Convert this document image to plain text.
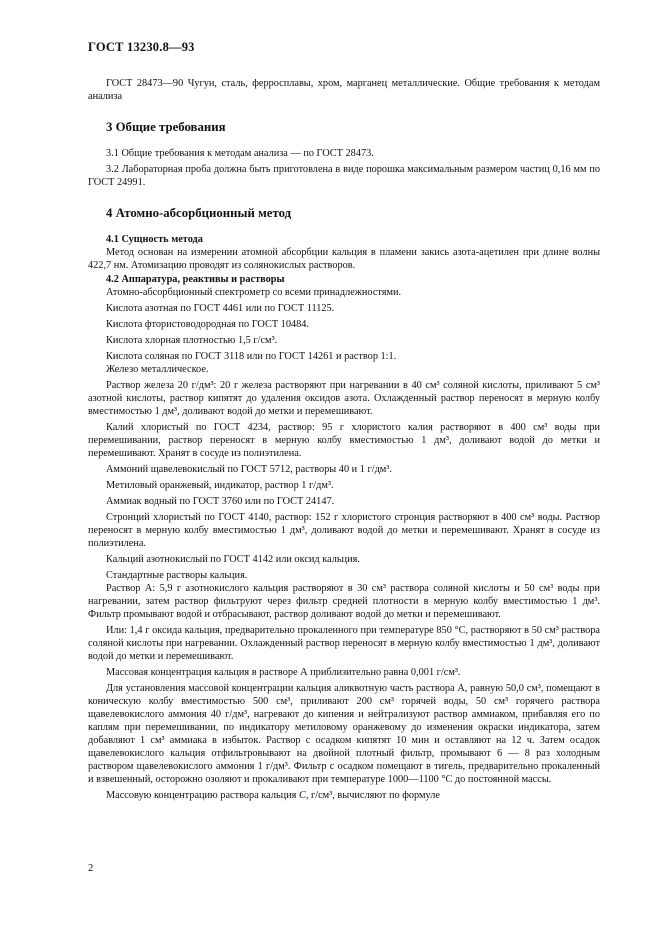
ГОСТ 13230.8—93

ГОСТ 28473—90 Чугун, сталь, ферросплавы, хром, марганец металлические. Общие требования к методам анализа

3 Общие требования

3.1 Общие требования к методам анализа — по ГОСТ 28473.

3.2 Лабораторная проба должна быть приготовлена в виде порошка максимальным размером частиц 0,16 мм по ГОСТ 24991.

4 Атомно-абсорбционный метод
4.1 Сущность метода

Метод основан на измерении атомной абсорбции кальция в пламени закись азота-ацетилен при длине волны 422,7 нм. Атомизацию проводят из солянокислых растворов.

4.2 Аппаратура, реактивы и растворы

Атомно-абсорбционный спектрометр со всеми принадлежностями.

Кислота азотная по ГОСТ 4461 или по ГОСТ 11125.

Кислота фтористоводородная по ГОСТ 10484.

Кислота хлорная плотностью 1,5 г/см³.

Кислота соляная по ГОСТ 3118 или по ГОСТ 14261 и раствор 1:1.

Железо металлическое.

Раствор железа 20 г/дм³: 20 г железа растворяют при нагревании в 40 см³ соляной кислоты, приливают 5 см³ азотной кислоты, раствор кипятят до удаления оксидов азота. Охлажденный раствор переносят в мерную колбу вместимостью 1 дм³, доливают водой до метки и перемешивают.

Калий хлористый по ГОСТ 4234, раствор: 95 г хлористого калия растворяют в 400 см³ воды при перемешивании, раствор переносят в мерную колбу вместимостью 1 дм³, доливают водой до метки и перемешивают. Хранят в сосуде из полиэтилена.

Аммоний щавелевокислый по ГОСТ 5712, растворы 40 и 1 г/дм³.

Метиловый оранжевый, индикатор, раствор 1 г/дм³.

Аммиак водный по ГОСТ 3760 или по ГОСТ 24147.

Стронций хлористый по ГОСТ 4140, раствор: 152 г хлористого стронция растворяют в 400 см³ воды. Раствор переносят в мерную колбу вместимостью 1 дм³, доливают водой до метки и перемешивают. Хранят в сосуде из полиэтилена.

Кальций азотнокислый по ГОСТ 4142 или оксид кальция.

Стандартные растворы кальция.

Раствор А: 5,9 г азотнокислого кальция растворяют в 30 см³ раствора соляной кислоты и 50 см³ воды при нагревании, затем раствор фильтруют через фильтр средней плотности в мерную колбу вместимостью 1 дм³. Фильтр промывают водой и отбрасывают, раствор доливают водой до метки и перемешивают.

Или: 1,4 г оксида кальция, предварительно прокаленного при температуре 850 °С, растворяют в 50 см³ раствора соляной кислоты при нагревании. Охлажденный раствор переносят в мерную колбу вместимостью 1 дм³, доливают водой до метки и перемешивают.

Массовая концентрация кальция в растворе А приблизительно равна 0,001 г/см³.

Для установления массовой концентрации кальция аликвотную часть раствора А, равную 50,0 см³, помещают в коническую колбу вместимостью 500 см³, приливают 200 см³ горячей воды, 50 см³ горячего раствора щавелевокислого аммония 40 г/дм³, нагревают до кипения и нейтрализуют раствор аммиаком, прибавляя его по каплям при перемешивании, по индикатору метиловому оранжевому до изменения окраски индикатора, затем добавляют 1 см³ аммиака в избыток. Раствор с осадком кипятят 10 мин и оставляют на 12 ч. Затем осадок щавелевокислого кальция отфильтровывают на двойной плотный фильтр, промывают 6 — 8 раз холодным раствором щавелевокислого аммония 1 г/дм³. Фильтр с осадком помещают в тигель, предварительно прокаленный и взвешенный, осторожно озоляют и прокаливают при температуре 1000—1100 °С до постоянной массы.

Массовую концентрацию раствора кальция C, г/см³, вычисляют по формуле

2
